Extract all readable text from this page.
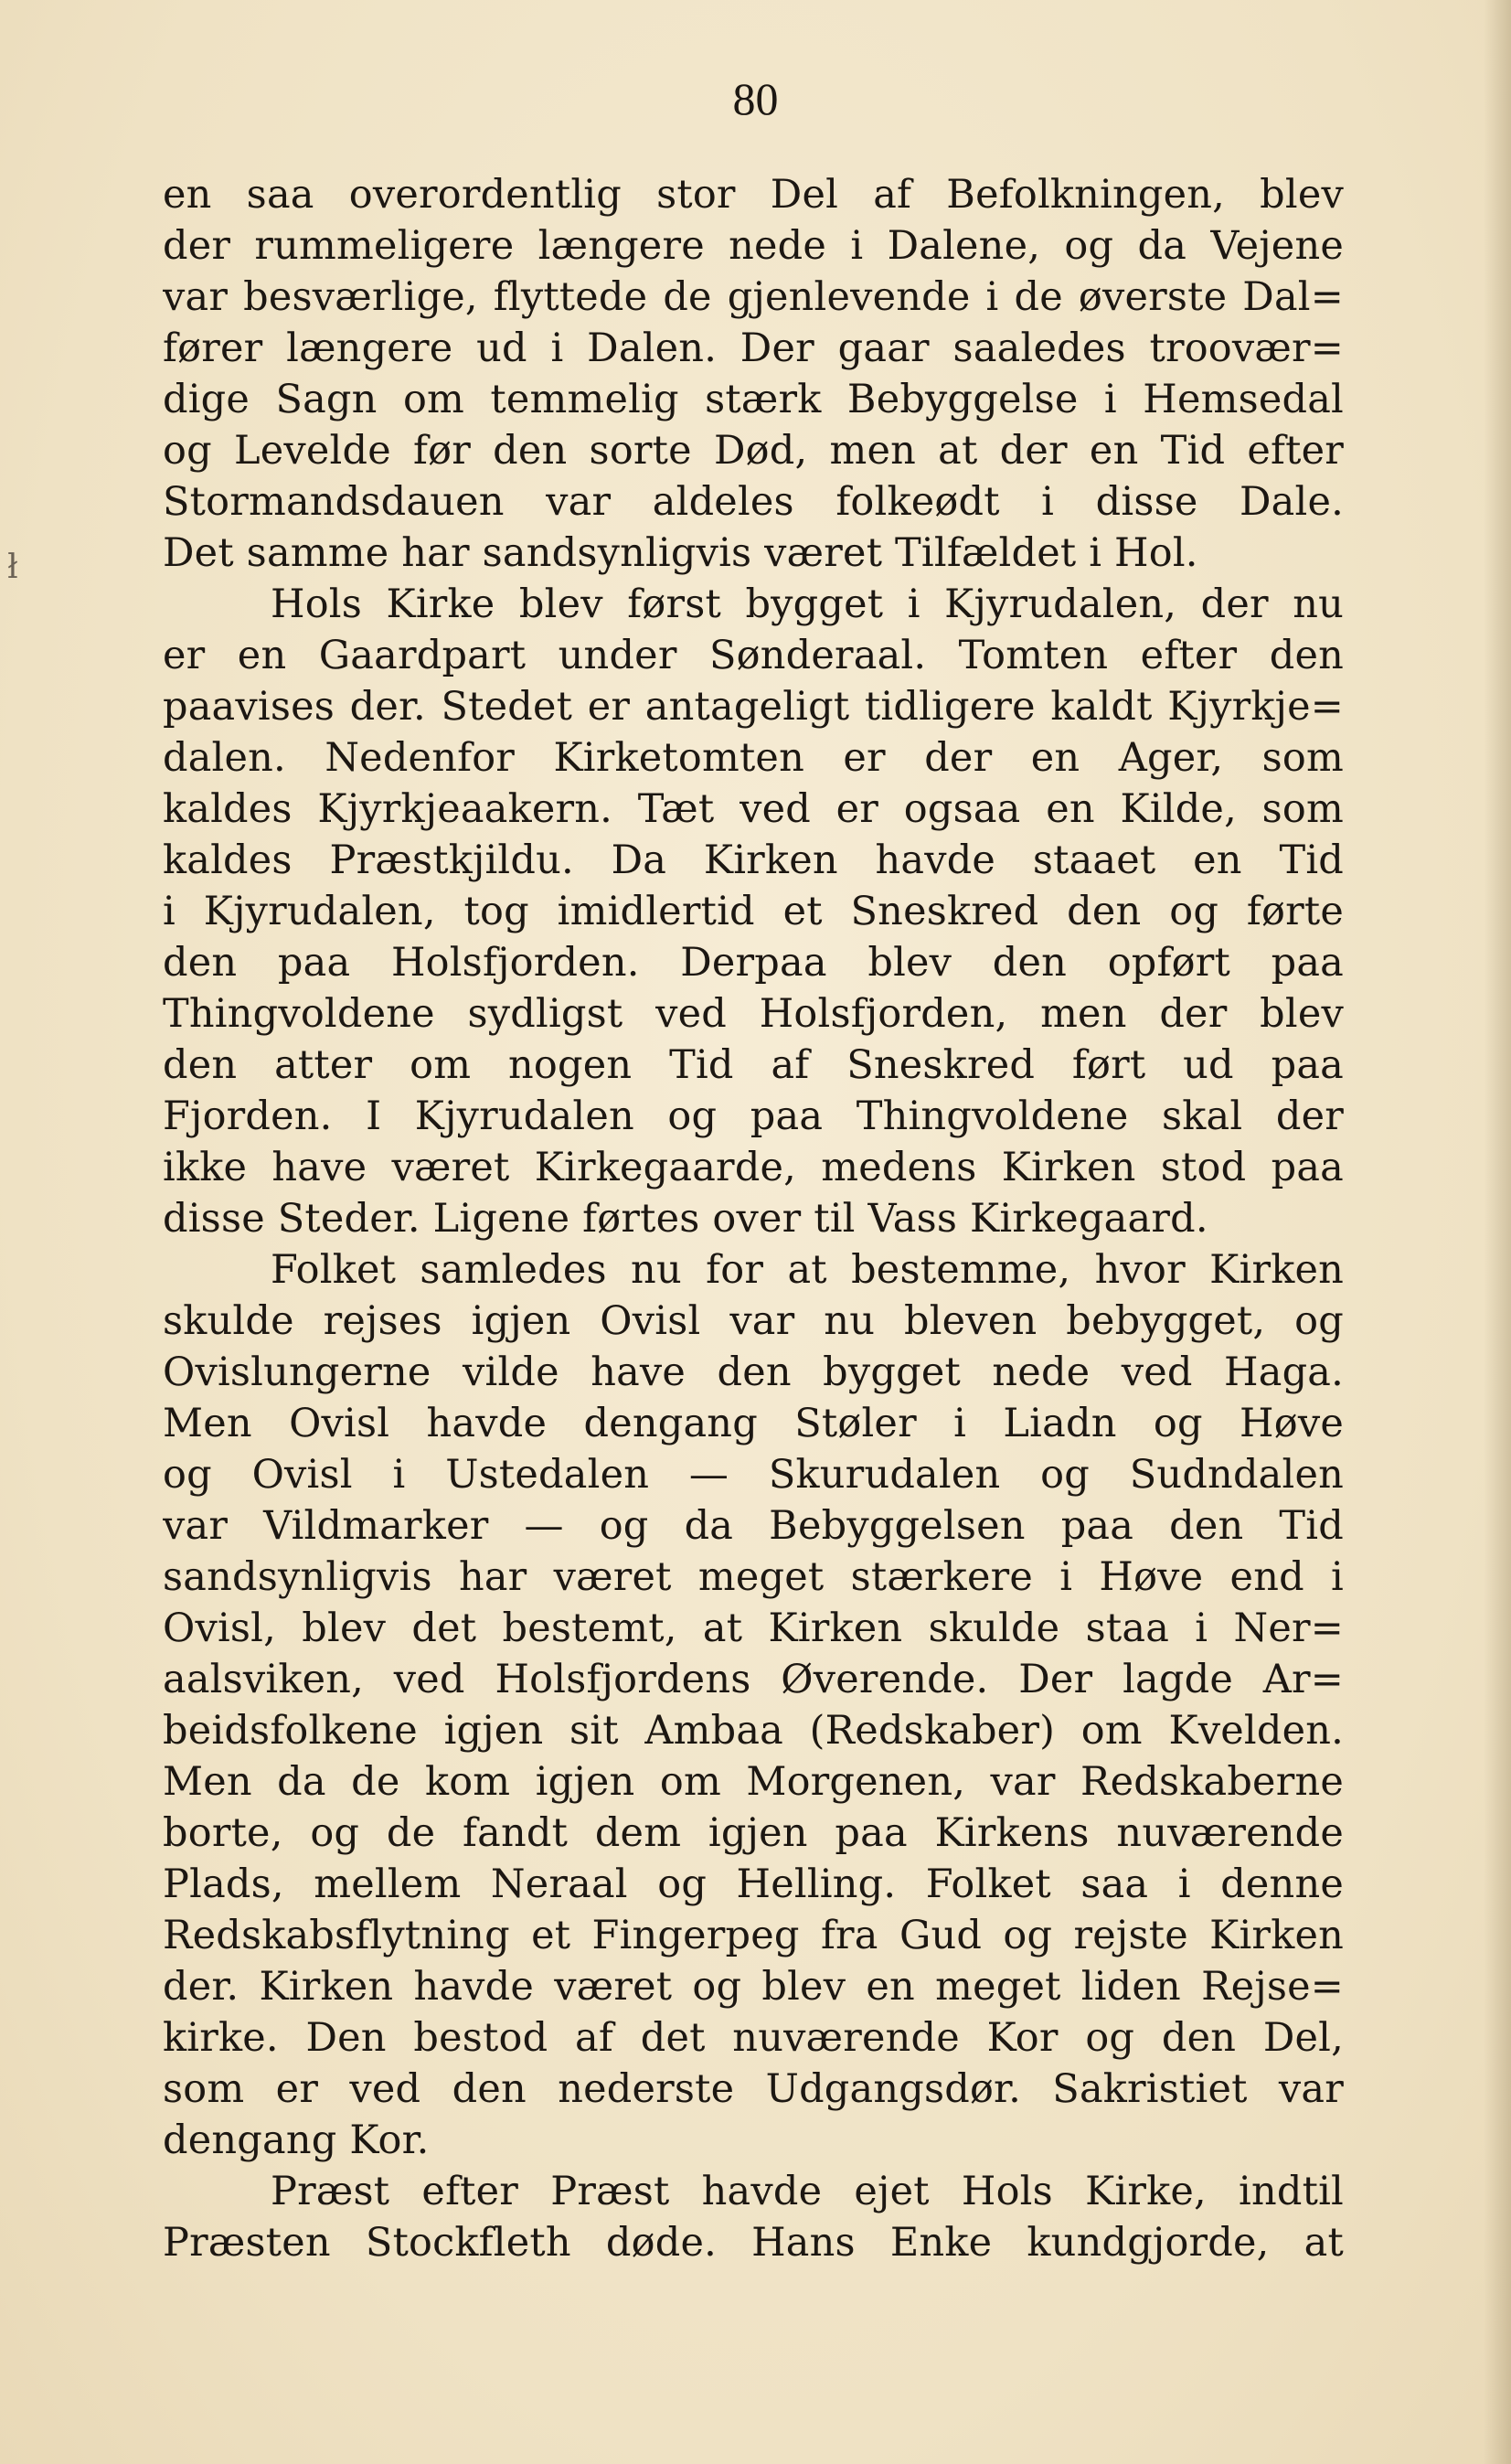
ł
80
en saa overordentlig stor Del af Befolkningen, blev
der rummeligere længere nede i Dalene, og da Vejene
var besværlige, flyttede de gjenlevende i de øverste Dal=
fører længere ud i Dalen. Der gaar saaledes troovær=
dige Sagn om temmelig stærk Bebyggelse i Hemsedal
og Levelde før den sorte Død, men at der en Tid efter
Stormandsdauen var aldeles folkeødt i disse Dale.
Det samme har sandsynligvis været Tilfældet i Hol.
Hols Kirke blev først bygget i Kjyrudalen, der nu
er en Gaardpart under Sønderaal. Tomten efter den
paavises der. Stedet er antageligt tidligere kaldt Kjyrkje=
dalen. Nedenfor Kirketomten er der en Ager, som
kaldes Kjyrkjeaakern. Tæt ved er ogsaa en Kilde, som
kaldes Præstkjildu. Da Kirken havde staaet en Tid
i Kjyrudalen, tog imidlertid et Sneskred den og førte
den paa Holsfjorden. Derpaa blev den opført paa
Thingvoldene sydligst ved Holsfjorden, men der blev
den atter om nogen Tid af Sneskred ført ud paa
Fjorden. I Kjyrudalen og paa Thingvoldene skal der
ikke have været Kirkegaarde, medens Kirken stod paa
disse Steder. Ligene førtes over til Vass Kirkegaard.
Folket samledes nu for at bestemme, hvor Kirken
skulde rejses igjen Ovisl var nu bleven bebygget, og
Ovislungerne vilde have den bygget nede ved Haga.
Men Ovisl havde dengang Støler i Liadn og Høve
og Ovisl i Ustedalen — Skurudalen og Sudndalen
var Vildmarker — og da Bebyggelsen paa den Tid
sandsynligvis har været meget stærkere i Høve end i
Ovisl, blev det bestemt, at Kirken skulde staa i Ner=
aalsviken, ved Holsfjordens Øverende. Der lagde Ar=
beidsfolkene igjen sit Ambaa (Redskaber) om Kvelden.
Men da de kom igjen om Morgenen, var Redskaberne
borte, og de fandt dem igjen paa Kirkens nuværende
Plads, mellem Neraal og Helling. Folket saa i denne
Redskabsflytning et Fingerpeg fra Gud og rejste Kirken
der. Kirken havde været og blev en meget liden Rejse=
kirke. Den bestod af det nuværende Kor og den Del,
som er ved den nederste Udgangsdør. Sakristiet var
dengang Kor.
Præst efter Præst havde ejet Hols Kirke, indtil
Præsten Stockfleth døde. Hans Enke kundgjorde, at
